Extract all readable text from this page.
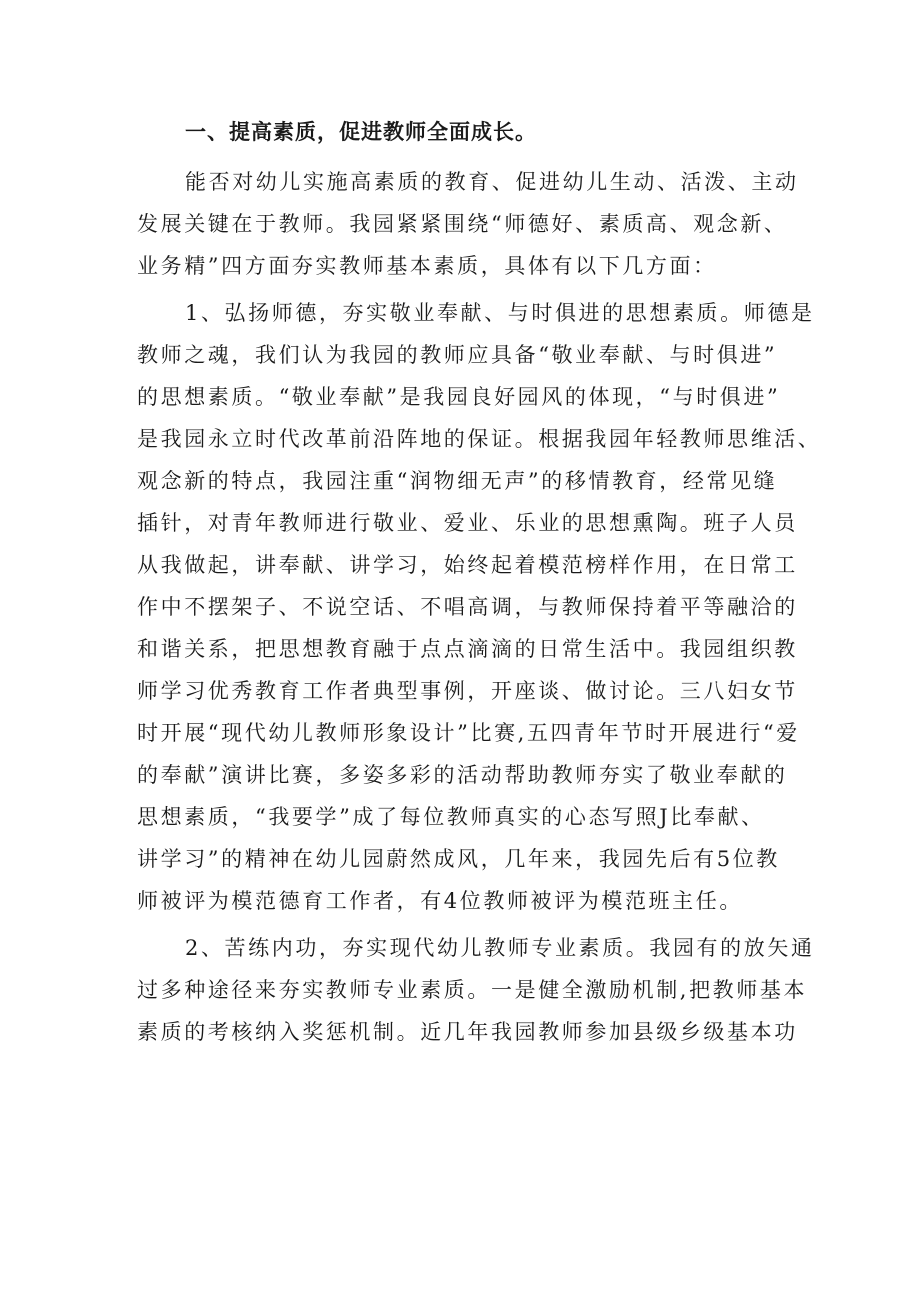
一、提高素质，促进教师全面成长。
能否对幼儿实施高素质的教育、促进幼儿生动、活泼、主动
发展关键在于教师。我园紧紧围绕“师德好、素质高、观念新、
业务精”四方面夯实教师基本素质，具体有以下几方面：
1、弘扬师德，夯实敬业奉献、与时俱进的思想素质。师德是
教师之魂，我们认为我园的教师应具备“敬业奉献、与时俱进”
的思想素质。“敬业奉献”是我园良好园风的体现，“与时俱进”
是我园永立时代改革前沿阵地的保证。根据我园年轻教师思维活、
观念新的特点，我园注重“润物细无声”的移情教育，经常见缝
插针，对青年教师进行敬业、爱业、乐业的思想熏陶。班子人员
从我做起，讲奉献、讲学习，始终起着模范榜样作用，在日常工
作中不摆架子、不说空话、不唱高调，与教师保持着平等融洽的
和谐关系，把思想教育融于点点滴滴的日常生活中。我园组织教
师学习优秀教育工作者典型事例，开座谈、做讨论。三八妇女节
时开展“现代幼儿教师形象设计”比赛,五四青年节时开展进行“爱
的奉献”演讲比赛，多姿多彩的活动帮助教师夯实了敬业奉献的
思想素质，“我要学”成了每位教师真实的心态写照J比奉献、
讲学习”的精神在幼儿园蔚然成风，几年来，我园先后有5位教
师被评为模范德育工作者，有4位教师被评为模范班主任。
2、苦练内功，夯实现代幼儿教师专业素质。我园有的放矢通
过多种途径来夯实教师专业素质。一是健全激励机制,把教师基本
素质的考核纳入奖惩机制。近几年我园教师参加县级乡级基本功
